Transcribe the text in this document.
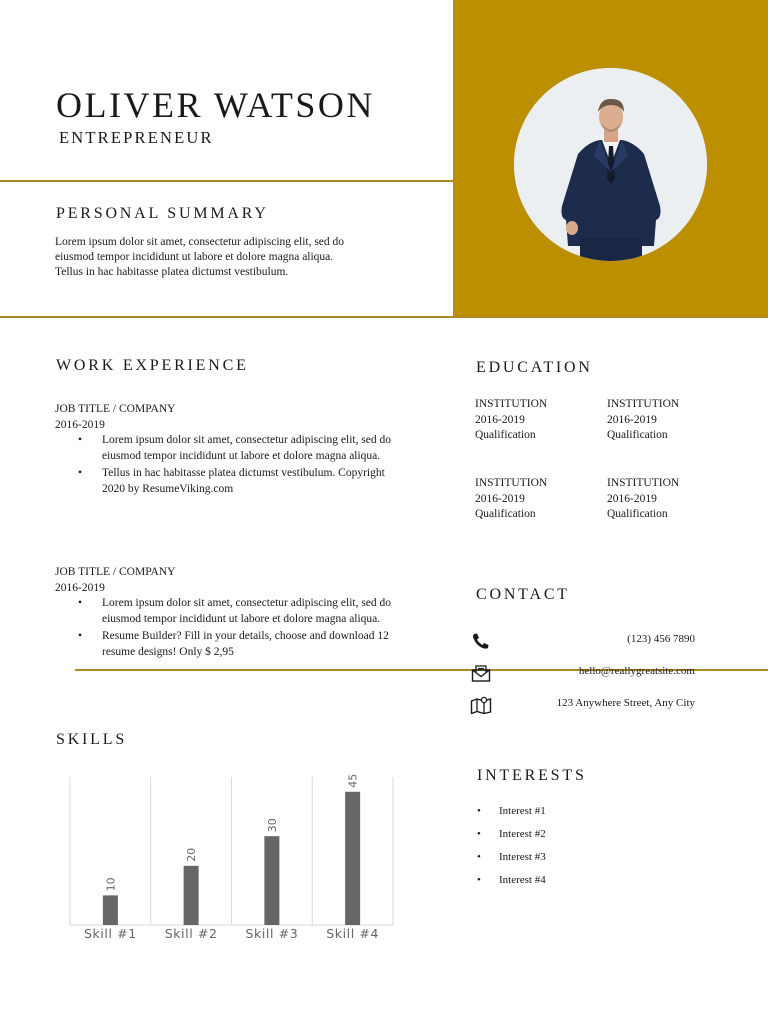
OLIVER WATSON
ENTREPRENEUR
PERSONAL SUMMARY
Lorem ipsum dolor sit amet, consectetur adipiscing elit, sed do
eiusmod tempor incididunt ut labore et dolore magna aliqua.
Tellus in hac habitasse platea dictumst vestibulum.
WORK EXPERIENCE
JOB TITLE / COMPANY
2016-2019
• Lorem ipsum dolor sit amet, consectetur adipiscing elit, sed do eiusmod tempor incididunt ut labore et dolore magna aliqua.
• Tellus in hac habitasse platea dictumst vestibulum. Copyright 2020 by ResumeViking.com
JOB TITLE / COMPANY
2016-2019
• Lorem ipsum dolor sit amet, consectetur adipiscing elit, sed do eiusmod tempor incididunt ut labore et dolore magna aliqua.
• Resume Builder? Fill in your details, choose and download 12 resume designs! Only $ 2,95
EDUCATION
INSTITUTION
2016-2019
Qualification
INSTITUTION
2016-2019
Qualification
INSTITUTION
2016-2019
Qualification
INSTITUTION
2016-2019
Qualification
CONTACT
(123) 456 7890
hello@reallygreatsite.com
123 Anywhere Street, Any City
SKILLS
10
Skill #1
20
Skill #2
30
Skill #3
45
Skill #4
INTERESTS
• Interest #1
• Interest #2
• Interest #3
• Interest #4
